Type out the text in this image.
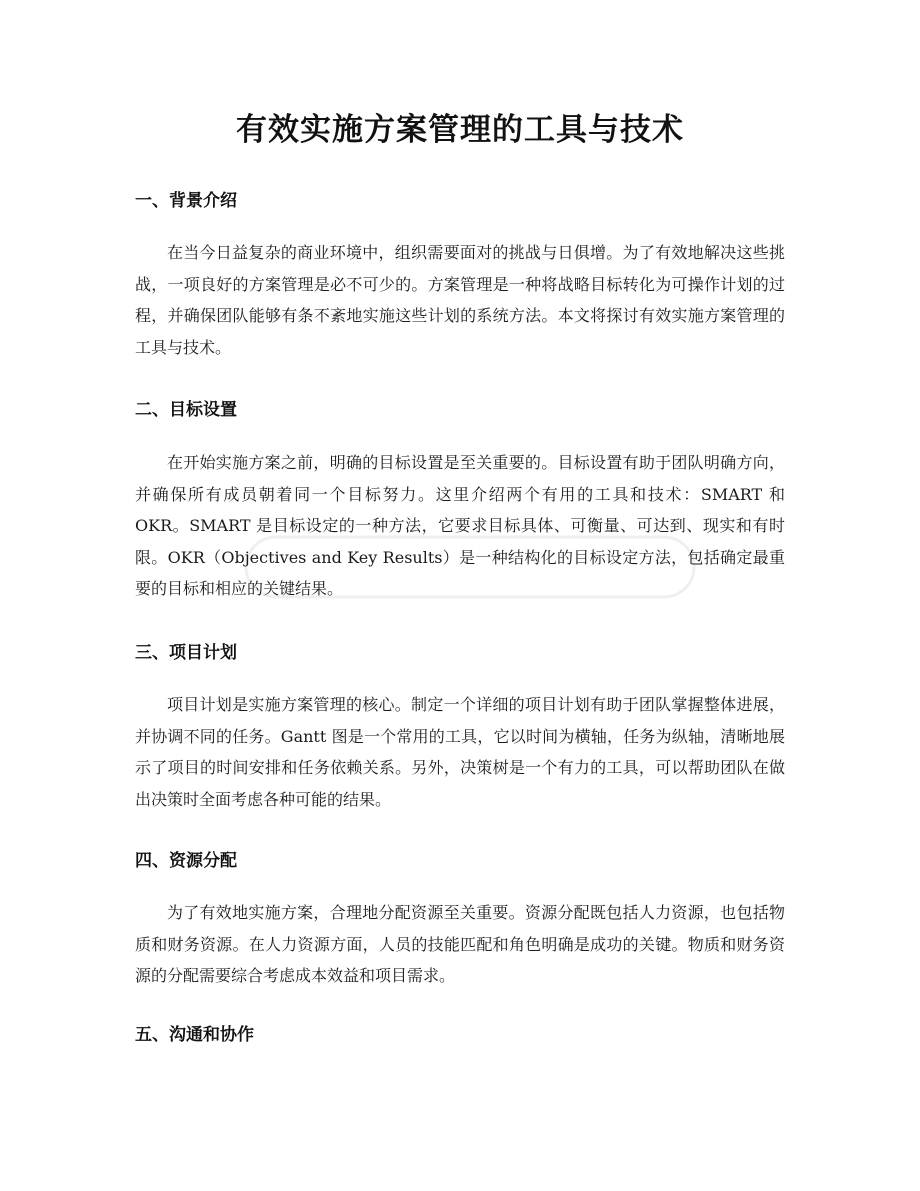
有效实施方案管理的工具与技术
一、背景介绍

在当今日益复杂的商业环境中，组织需要面对的挑战与日俱增。为了有效地解决这些挑战，一项良好的方案管理是必不可少的。方案管理是一种将战略目标转化为可操作计划的过程，并确保团队能够有条不紊地实施这些计划的系统方法。本文将探讨有效实施方案管理的工具与技术。

二、目标设置

在开始实施方案之前，明确的目标设置是至关重要的。目标设置有助于团队明确方向，并确保所有成员朝着同一个目标努力。这里介绍两个有用的工具和技术：SMART 和 OKR。SMART 是目标设定的一种方法，它要求目标具体、可衡量、可达到、现实和有时限。OKR（Objectives and Key Results）是一种结构化的目标设定方法，包括确定最重要的目标和相应的关键结果。

三、项目计划

项目计划是实施方案管理的核心。制定一个详细的项目计划有助于团队掌握整体进展，并协调不同的任务。Gantt 图是一个常用的工具，它以时间为横轴，任务为纵轴，清晰地展示了项目的时间安排和任务依赖关系。另外，决策树是一个有力的工具，可以帮助团队在做出决策时全面考虑各种可能的结果。

四、资源分配

为了有效地实施方案，合理地分配资源至关重要。资源分配既包括人力资源，也包括物质和财务资源。在人力资源方面，人员的技能匹配和角色明确是成功的关键。物质和财务资源的分配需要综合考虑成本效益和项目需求。

五、沟通和协作
